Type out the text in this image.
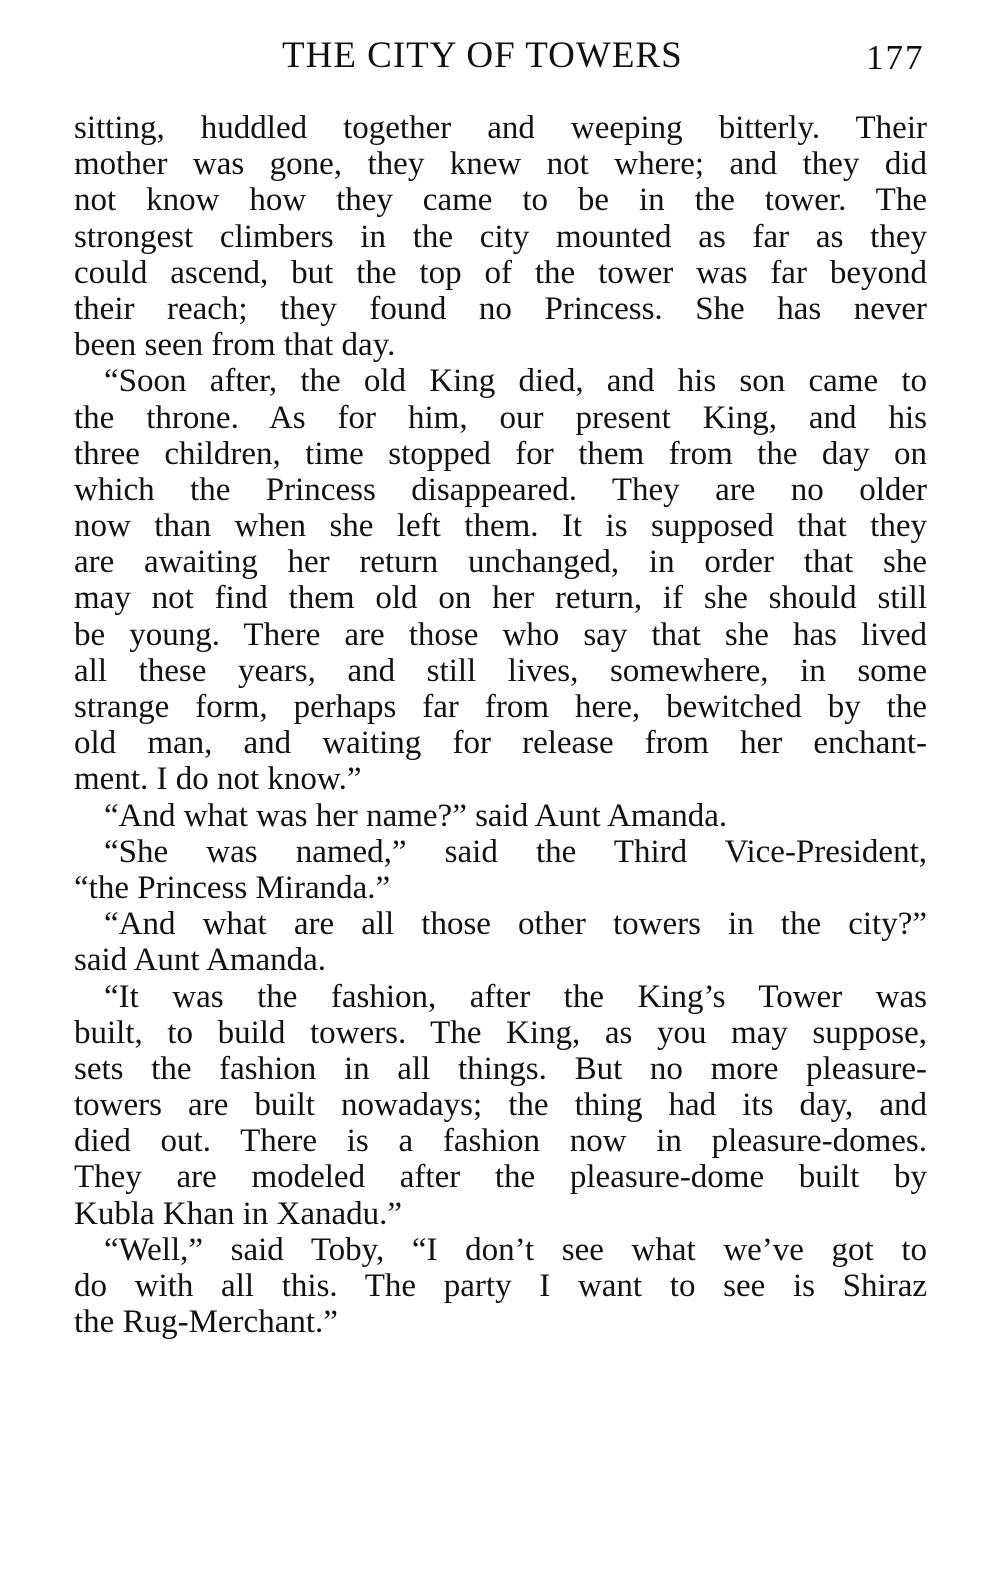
THE CITY OF TOWERS	177
sitting, huddled together and weeping bitterly. Their
mother was gone, they knew not where; and they did
not know how they came to be in the tower. The
strongest climbers in the city mounted as far as they
could ascend, but the top of the tower was far beyond
their reach; they found no Princess. She has never
been seen from that day.
“Soon after, the old King died, and his son came to
the throne. As for him, our present King, and his
three children, time stopped for them from the day on
which the Princess disappeared. They are no older
now than when she left them. It is supposed that they
are awaiting her return unchanged, in order that she
may not find them old on her return, if she should still
be young. There are those who say that she has lived
all these years, and still lives, somewhere, in some
strange form, perhaps far from here, bewitched by the
old man, and waiting for release from her enchant-
ment. I do not know.”
“And what was her name?” said Aunt Amanda.
“She was named,” said the Third Vice-President,
“the Princess Miranda.”
“And what are all those other towers in the city?”
said Aunt Amanda.
“It was the fashion, after the King’s Tower was
built, to build towers. The King, as you may suppose,
sets the fashion in all things. But no more pleasure-
towers are built nowadays; the thing had its day, and
died out. There is a fashion now in pleasure-domes.
They are modeled after the pleasure-dome built by
Kubla Khan in Xanadu.”
“Well,” said Toby, “I don’t see what we’ve got to
do with all this. The party I want to see is Shiraz
the Rug-Merchant.”
